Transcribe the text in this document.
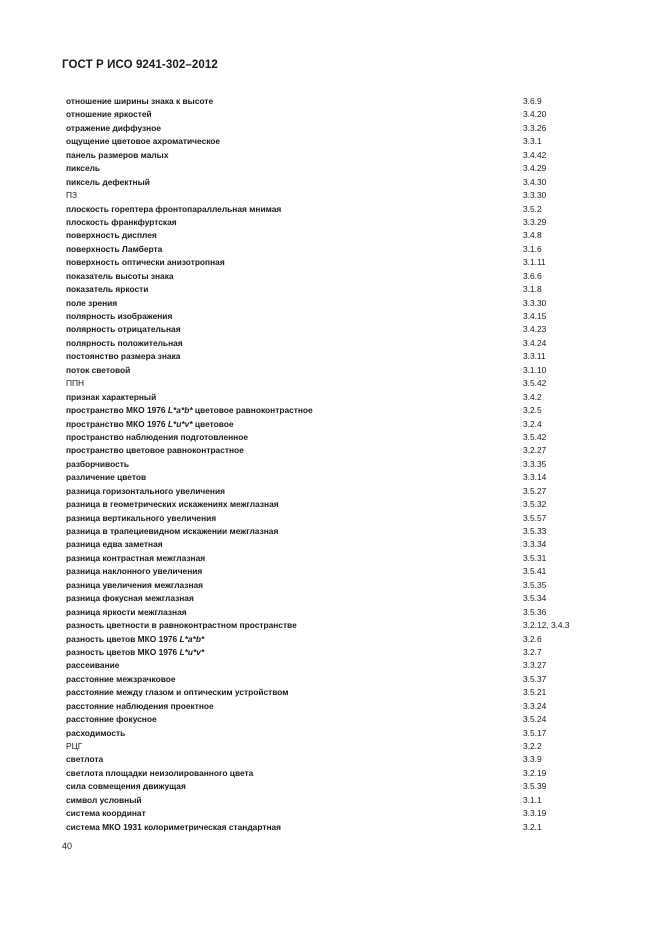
ГОСТ Р ИСО 9241-302–2012
отношение ширины знака к высоте	3.6.9
отношение яркостей	3.4.20
отражение диффузное	3.3.26
ощущение цветовое ахроматическое	3.3.1
панель размеров малых	3.4.42
пиксель	3.4.29
пиксель дефектный	3.4.30
ПЗ	3.3.30
плоскость горептера фронтопараллельная мнимая	3.5.2
плоскость франкфуртская	3.3.29
поверхность дисплея	3.4.8
поверхность Ламберта	3.1.6
поверхность оптически анизотропная	3.1.11
показатель высоты знака	3.6.6
показатель яркости	3.1.8
поле зрения	3.3.30
полярность изображения	3.4.15
полярность отрицательная	3.4.23
полярность положительная	3.4.24
постоянство размера знака	3.3.11
поток световой	3.1.10
ППН	3.5.42
признак характерный	3.4.2
пространство МКО 1976 L*a*b* цветовое равноконтрастное	3.2.5
пространство МКО 1976 L*u*v* цветовое	3.2.4
пространство наблюдения подготовленное	3.5.42
пространство цветовое равноконтрастное	3.2.27
разборчивость	3.3.35
различение цветов	3.3.14
разница горизонтального увеличения	3.5.27
разница в геометрических искажениях межглазная	3.5.32
разница вертикального увеличения	3.5.57
разница в трапециевидном искажении межглазная	3.5.33
разница едва заметная	3.3.34
разница контрастная межглазная	3.5.31
разница наклонного увеличения	3.5.41
разница увеличения межглазная	3.5.35
разница фокусная межглазная	3.5.34
разница яркости межглазная	3.5.36
разность цветности в равноконтрастном пространстве	3.2.12, 3.4.3
разность цветов МКО 1976 L*a*b*	3.2.6
разность цветов МКО 1976 L*u*v*	3.2.7
рассеивание	3.3.27
расстояние межзрачковое	3.5.37
расстояние между глазом и оптическим устройством	3.5.21
расстояние наблюдения проектное	3.3.24
расстояние фокусное	3.5.24
расходимость	3.5.17
РЦГ	3.2.2
светлота	3.3.9
светлота площадки неизолированного цвета	3.2.19
сила совмещения движущая	3.5.39
символ условный	3.1.1
система координат	3.3.19
система МКО 1931 колориметрическая стандартная	3.2.1
40
